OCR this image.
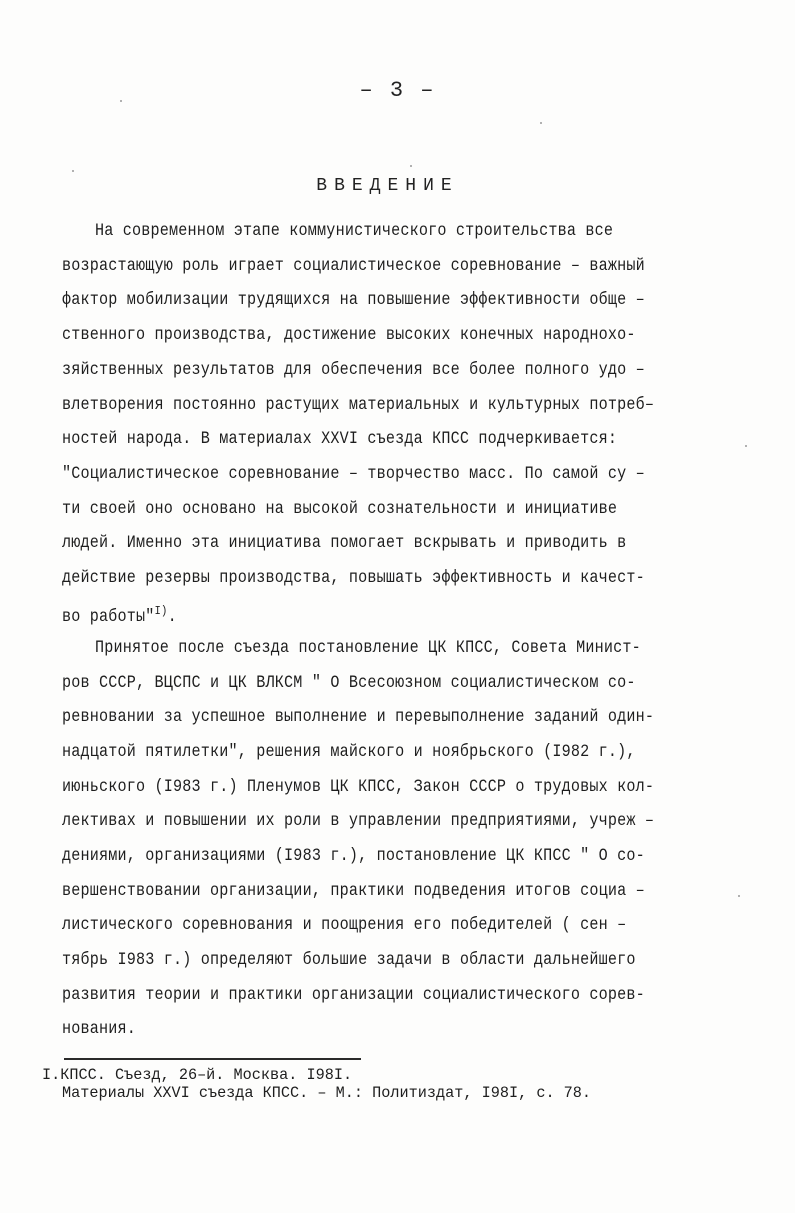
– 3 –
ВВЕДЕНИЕ
На современном этапе коммунистического строительства все
возрастающую роль играет социалистическое соревнование – важный
фактор мобилизации трудящихся на повышение эффективности обще –
ственного производства, достижение высоких конечных народнохо-
зяйственных результатов для обеспечения все более полного удо –
влетворения постоянно растущих материальных и культурных потреб–
ностей народа. В материалах XXVI съезда КПСС подчеркивается:
"Социалистическое соревнование – творчество масс. По самой су –
ти своей оно основано на высокой сознательности и инициативе
людей. Именно эта инициатива помогает вскрывать и приводить в
действие резервы производства, повышать эффективность и качест-
во работы"$^{I)}$.
Принятое после съезда постановление ЦК КПСС, Совета Минист-
ров СССР, ВЦСПС и ЦК ВЛКСМ " О Всесоюзном социалистическом со-
ревновании за успешное выполнение и перевыполнение заданий один-
надцатой пятилетки", решения майского и ноябрьского (I982 г.),
июньского (I983 г.) Пленумов ЦК КПСС, Закон СССР о трудовых кол-
лективах и повышении их роли в управлении предприятиями, учреж –
дениями, организациями (I983 г.), постановление ЦК КПСС " О со-
вершенствовании организации, практики подведения итогов социа –
листического соревнования и поощрения его победителей ( сен –
тябрь I983 г.) определяют большие задачи в области дальнейшего
развития теории и практики организации социалистического сорев-
нования.
I.КПСС. Съезд, 26–й. Москва. I98I.
Материалы XXVI съезда КПСС. – М.: Политиздат, I98I, с. 78.
